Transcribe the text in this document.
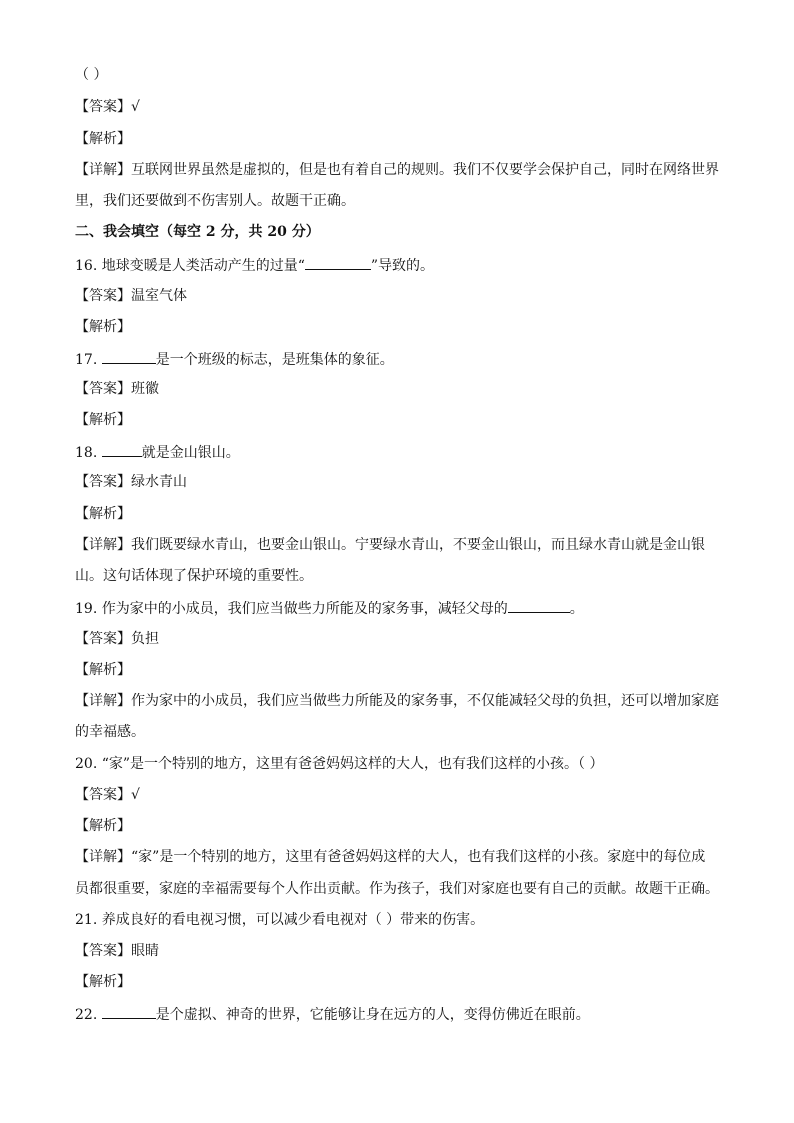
（ ）
【答案】√
【解析】
【详解】互联网世界虽然是虚拟的，但是也有着自己的规则。我们不仅要学会保护自己，同时在网络世界
里，我们还要做到不伤害别人。故题干正确。
二、我会填空（每空 2 分，共 20 分）
16. 地球变暖是人类活动产生的过量“	”导致的。
【答案】温室气体
【解析】
17.	是一个班级的标志，是班集体的象征。
【答案】班徽
【解析】
18.	就是金山银山。
【答案】绿水青山
【解析】
【详解】我们既要绿水青山，也要金山银山。宁要绿水青山，不要金山银山，而且绿水青山就是金山银
山。这句话体现了保护环境的重要性。
19. 作为家中的小成员，我们应当做些力所能及的家务事，减轻父母的	。
【答案】负担
【解析】
【详解】作为家中的小成员，我们应当做些力所能及的家务事，不仅能减轻父母的负担，还可以增加家庭
的幸福感。
20. “家”是一个特别的地方，这里有爸爸妈妈这样的大人，也有我们这样的小孩。（ ）
【答案】√
【解析】
【详解】“家”是一个特别的地方，这里有爸爸妈妈这样的大人，也有我们这样的小孩。家庭中的每位成
员都很重要，家庭的幸福需要每个人作出贡献。作为孩子，我们对家庭也要有自己的贡献。故题干正确。
21. 养成良好的看电视习惯，可以减少看电视对（ ）带来的伤害。
【答案】眼睛
【解析】
22.	是个虚拟、神奇的世界，它能够让身在远方的人，变得仿佛近在眼前。
